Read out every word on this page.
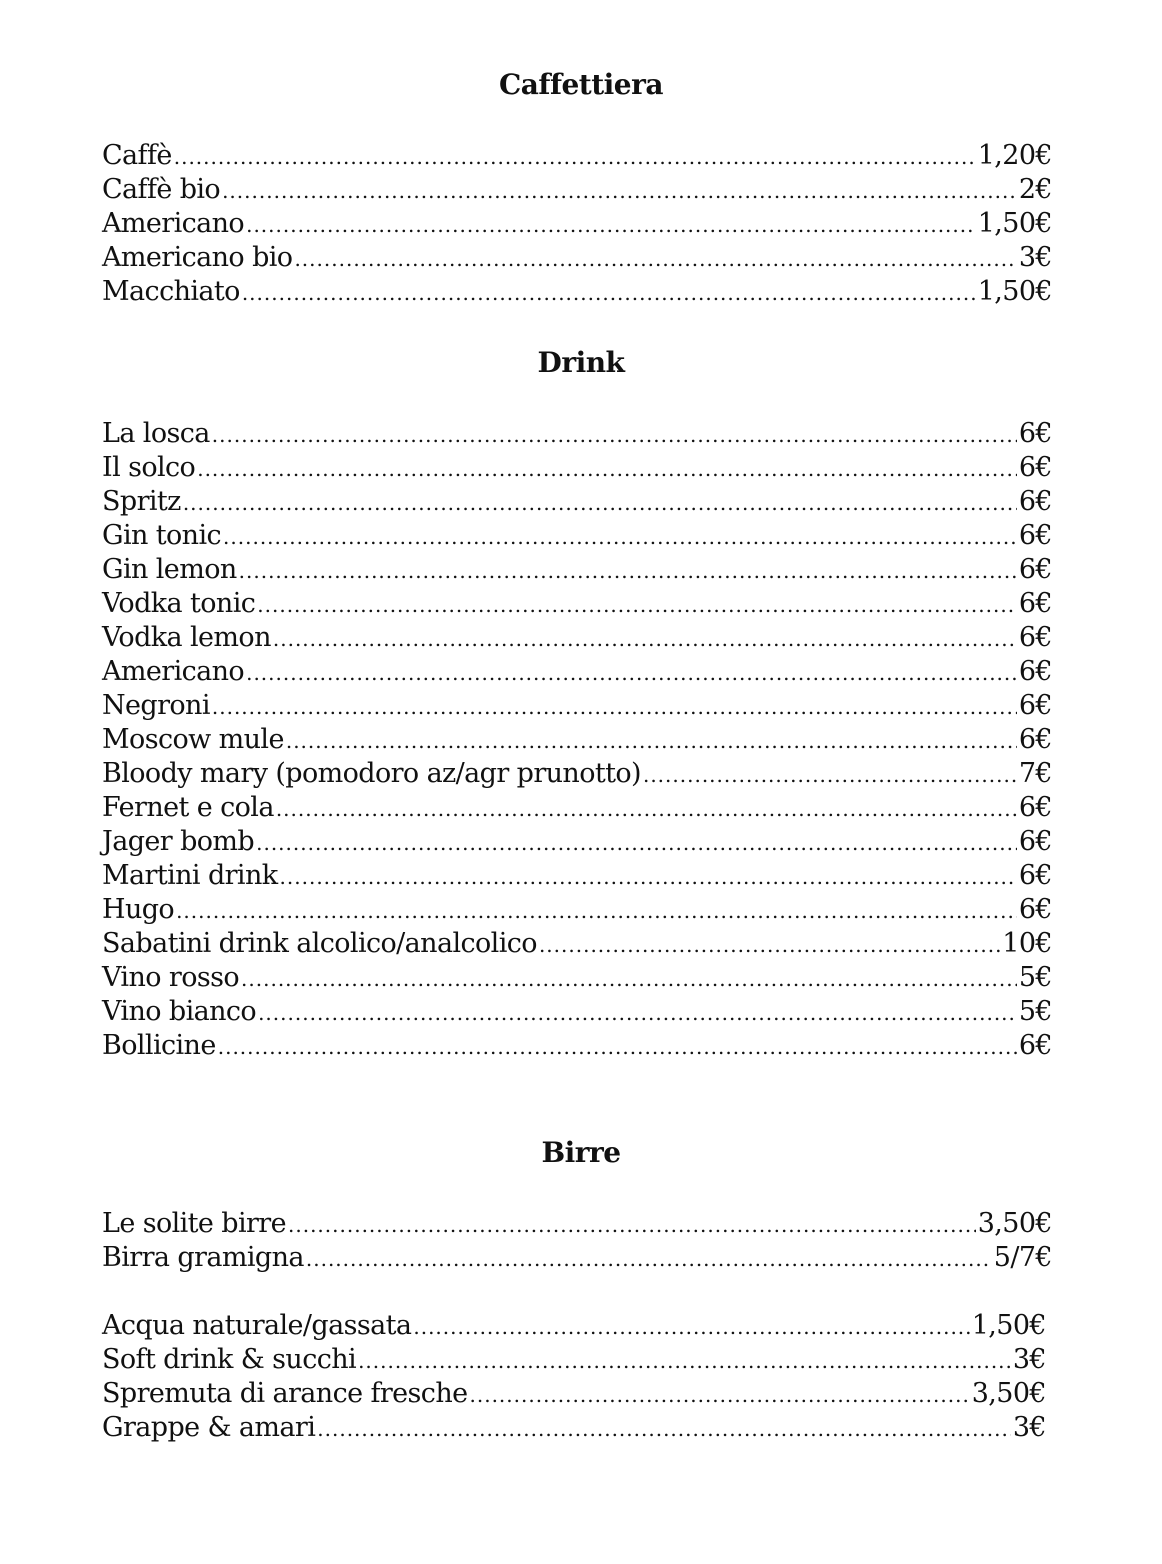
Caffettiera
Caffè .....	1,20€
Caffè bio .....	2€
Americano .....	1,50€
Americano bio .....	3€
Macchiato .....	1,50€
Drink
La losca .....	6€
Il solco .....	6€
Spritz .....	6€
Gin tonic .....	6€
Gin lemon .....	6€
Vodka tonic .....	6€
Vodka lemon .....	6€
Americano .....	6€
Negroni .....	6€
Moscow mule .....	6€
Bloody mary (pomodoro az/agr prunotto) .....	7€
Fernet e cola .....	6€
Jager bomb .....	6€
Martini drink .....	6€
Hugo .....	6€
Sabatini drink alcolico/analcolico .....	10€
Vino rosso .....	5€
Vino bianco .....	5€
Bollicine .....	6€
Birre
Le solite birre .....	3,50€
Birra gramigna .....	5/7€
Acqua naturale/gassata .....	1,50€
Soft drink & succhi .....	3€
Spremuta di arance fresche .....	3,50€
Grappe & amari .....	3€
